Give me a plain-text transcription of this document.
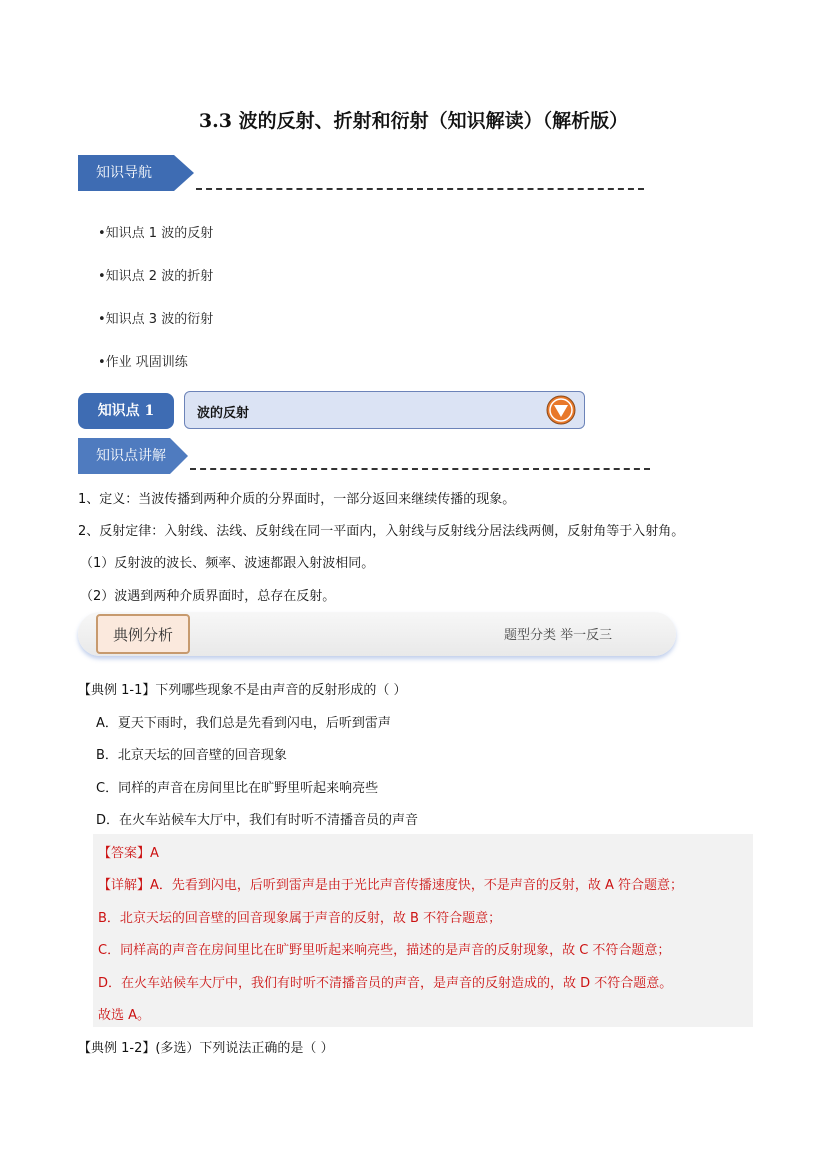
3.3 波的反射、折射和衍射（知识解读）（解析版）
知识导航
•知识点 1 波的反射
•知识点 2 波的折射
•知识点 3 波的衍射
•作业 巩固训练
知识点 1	波的反射
知识点讲解
1、定义：当波传播到两种介质的分界面时，一部分返回来继续传播的现象。
2、反射定律：入射线、法线、反射线在同一平面内，入射线与反射线分居法线两侧，反射角等于入射角。
（1）反射波的波长、频率、波速都跟入射波相同。
（2）波遇到两种介质界面时，总存在反射。
典例分析	题型分类 举一反三
【典例 1-1】下列哪些现象不是由声音的反射形成的（ ）
A．夏天下雨时，我们总是先看到闪电，后听到雷声
B．北京天坛的回音壁的回音现象
C．同样的声音在房间里比在旷野里听起来响亮些
D．在火车站候车大厅中，我们有时听不清播音员的声音
【答案】A
【详解】A．先看到闪电，后听到雷声是由于光比声音传播速度快，不是声音的反射，故 A 符合题意；
B．北京天坛的回音壁的回音现象属于声音的反射，故 B 不符合题意；
C．同样高的声音在房间里比在旷野里听起来响亮些，描述的是声音的反射现象，故 C 不符合题意；
D．在火车站候车大厅中，我们有时听不清播音员的声音，是声音的反射造成的，故 D 不符合题意。
故选 A。
【典例 1-2】(多选）下列说法正确的是（ ）
